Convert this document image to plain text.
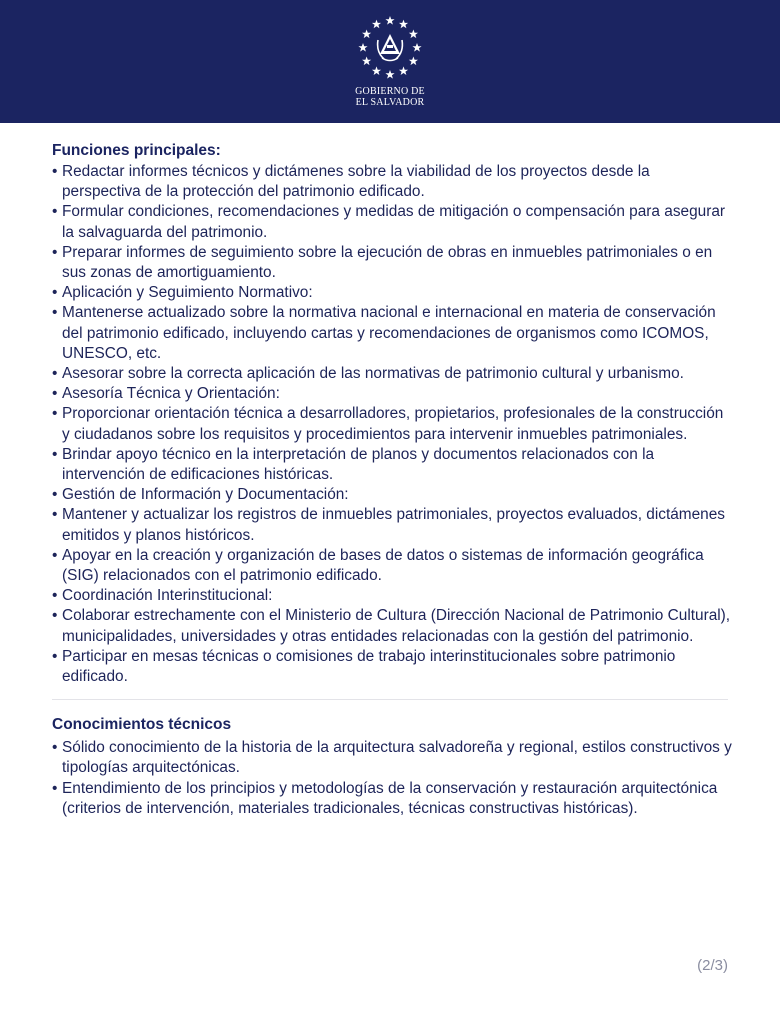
GOBIERNO DE
EL SALVADOR
Funciones principales:
• Redactar informes técnicos y dictámenes sobre la viabilidad de los proyectos desde la perspectiva de la protección del patrimonio edificado.
• Formular condiciones, recomendaciones y medidas de mitigación o compensación para asegurar la salvaguarda del patrimonio.
• Preparar informes de seguimiento sobre la ejecución de obras en inmuebles patrimoniales o en sus zonas de amortiguamiento.
• Aplicación y Seguimiento Normativo:
• Mantenerse actualizado sobre la normativa nacional e internacional en materia de conservación del patrimonio edificado, incluyendo cartas y recomendaciones de organismos como ICOMOS, UNESCO, etc.
• Asesorar sobre la correcta aplicación de las normativas de patrimonio cultural y urbanismo.
• Asesoría Técnica y Orientación:
• Proporcionar orientación técnica a desarrolladores, propietarios, profesionales de la construcción y ciudadanos sobre los requisitos y procedimientos para intervenir inmuebles patrimoniales.
• Brindar apoyo técnico en la interpretación de planos y documentos relacionados con la intervención de edificaciones históricas.
• Gestión de Información y Documentación:
• Mantener y actualizar los registros de inmuebles patrimoniales, proyectos evaluados, dictámenes emitidos y planos históricos.
• Apoyar en la creación y organización de bases de datos o sistemas de información geográfica (SIG) relacionados con el patrimonio edificado.
• Coordinación Interinstitucional:
• Colaborar estrechamente con el Ministerio de Cultura (Dirección Nacional de Patrimonio Cultural), municipalidades, universidades y otras entidades relacionadas con la gestión del patrimonio.
• Participar en mesas técnicas o comisiones de trabajo interinstitucionales sobre patrimonio edificado.
Conocimientos técnicos
• Sólido conocimiento de la historia de la arquitectura salvadoreña y regional, estilos constructivos y tipologías arquitectónicas.
• Entendimiento de los principios y metodologías de la conservación y restauración arquitectónica (criterios de intervención, materiales tradicionales, técnicas constructivas históricas).
(2/3)
